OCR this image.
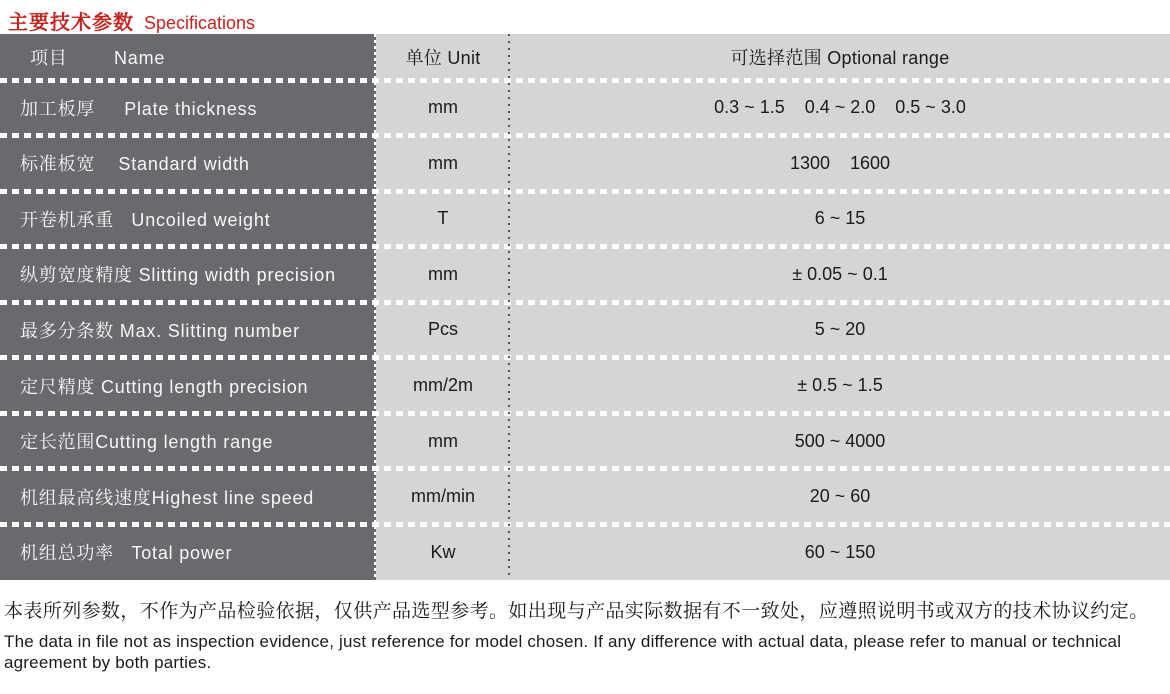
主要技术参数 Specifications
项目        Name	单位 Unit	可选择范围 Optional range
加工板厚     Plate thickness	mm	0.3 ~ 1.5    0.4 ~ 2.0    0.5 ~ 3.0
标准板宽    Standard width	mm	1300    1600
开卷机承重   Uncoiled weight	T	6 ~ 15
纵剪宽度精度 Slitting width precision	mm	± 0.05 ~ 0.1
最多分条数 Max. Slitting number	Pcs	5 ~ 20
定尺精度 Cutting length precision	mm/2m	± 0.5 ~ 1.5
定长范围Cutting length range	mm	500 ~ 4000
机组最高线速度Highest line speed	mm/min	20 ~ 60
机组总功率   Total power	Kw	60 ~ 150
本表所列参数，不作为产品检验依据，仅供产品选型参考。如出现与产品实际数据有不一致处，应遵照说明书或双方的技术协议约定。
The data in file not as inspection evidence, just reference for model chosen. If any difference with actual data, please refer to manual or technical agreement by both parties.
